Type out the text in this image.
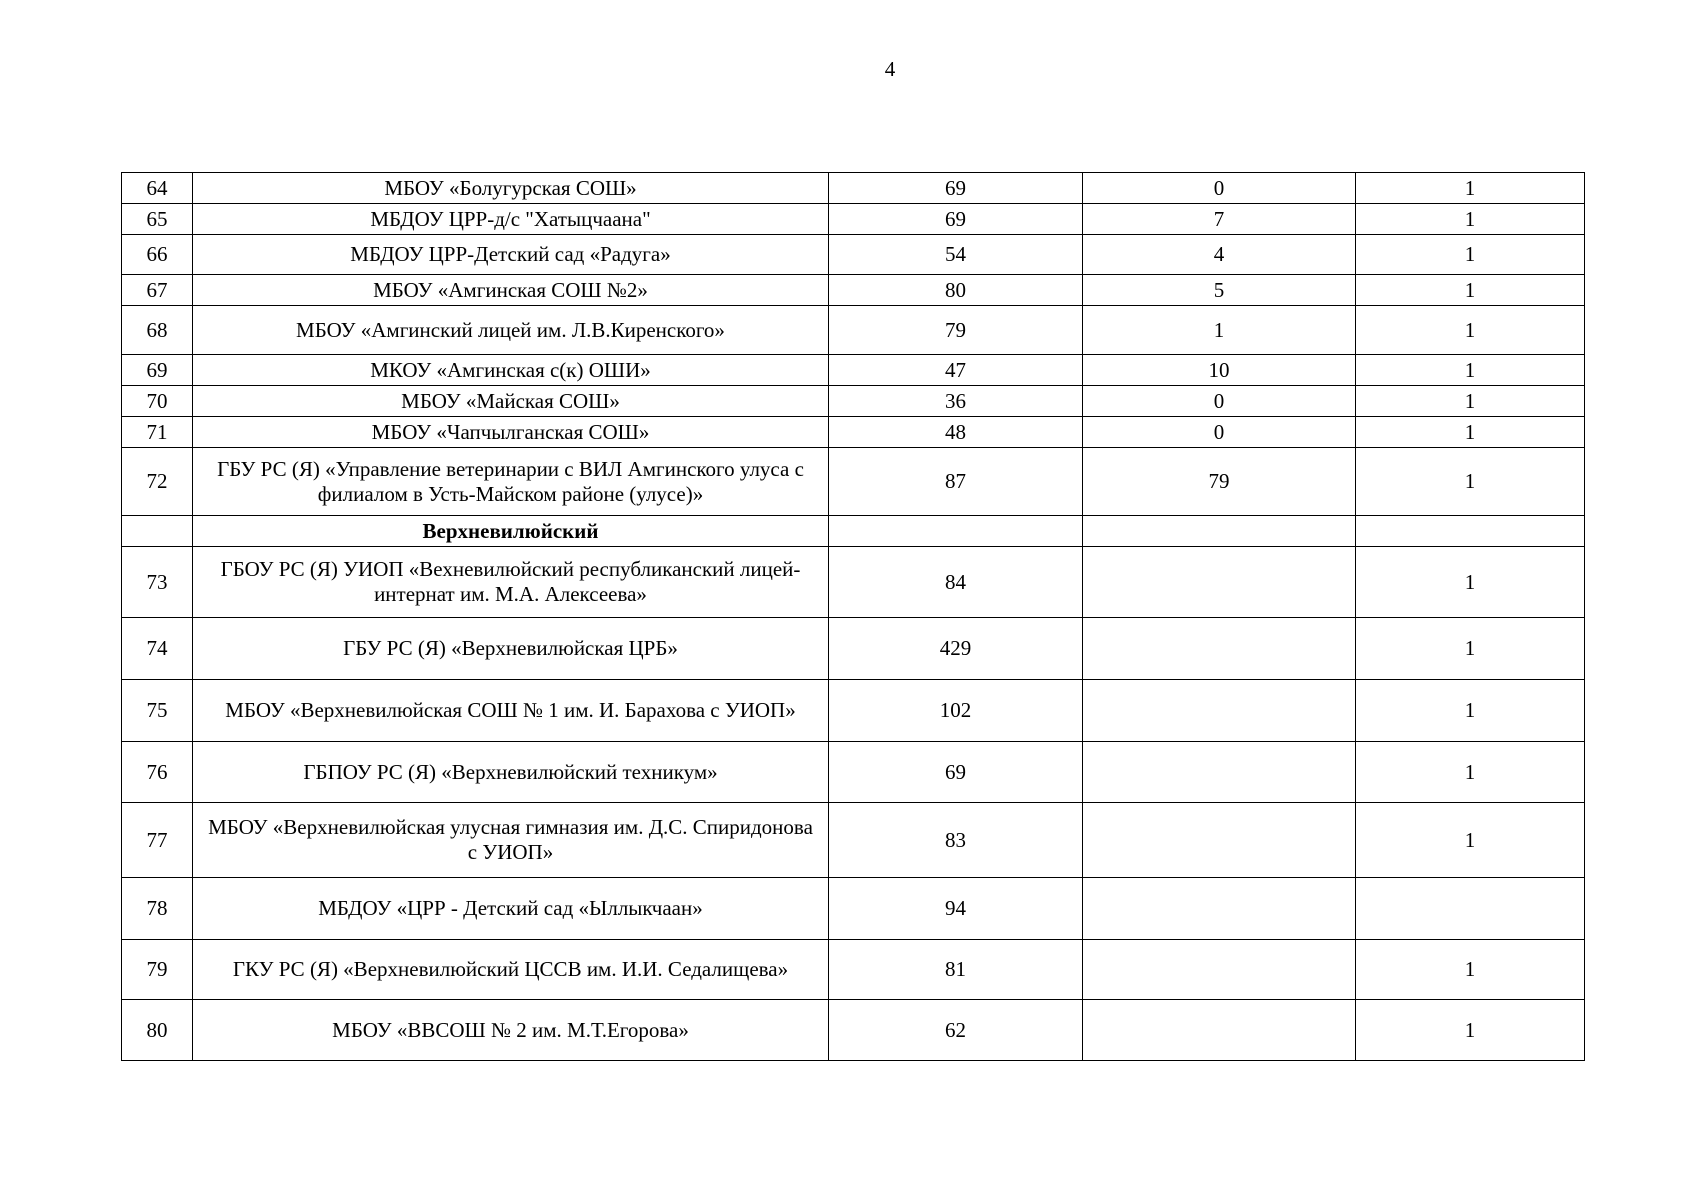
4
64	МБОУ «Болугурская СОШ»	69	0	1
65	МБДОУ ЦРР-д/с "Хатыцчаана"	69	7	1
66	МБДОУ ЦРР-Детский сад «Радуга»	54	4	1
67	МБОУ «Амгинская СОШ №2»	80	5	1
68	МБОУ «Амгинский лицей им. Л.В.Киренского»	79	1	1
69	МКОУ «Амгинская с(к) ОШИ»	47	10	1
70	МБОУ «Майская СОШ»	36	0	1
71	МБОУ «Чапчылганская СОШ»	48	0	1
72	ГБУ РС (Я) «Управление ветеринарии с ВИЛ Амгинского улуса с филиалом в Усть-Майском районе (улусе)»	87	79	1
	Верхневилюйский			
73	ГБОУ РС (Я) УИОП «Вехневилюйский республиканский лицей-интернат им. М.А. Алексеева»	84		1
74	ГБУ РС (Я) «Верхневилюйская ЦРБ»	429		1
75	МБОУ «Верхневилюйская СОШ № 1 им. И. Барахова с УИОП»	102		1
76	ГБПОУ РС (Я) «Верхневилюйский техникум»	69		1
77	МБОУ «Верхневилюйская улусная гимназия им. Д.С. Спиридонова с УИОП»	83		1
78	МБДОУ «ЦРР - Детский сад «Ыллыкчаан»	94		
79	ГКУ РС (Я) «Верхневилюйский ЦССВ им. И.И. Седалищева»	81		1
80	МБОУ «ВВСОШ № 2 им. М.Т.Егорова»	62		1
